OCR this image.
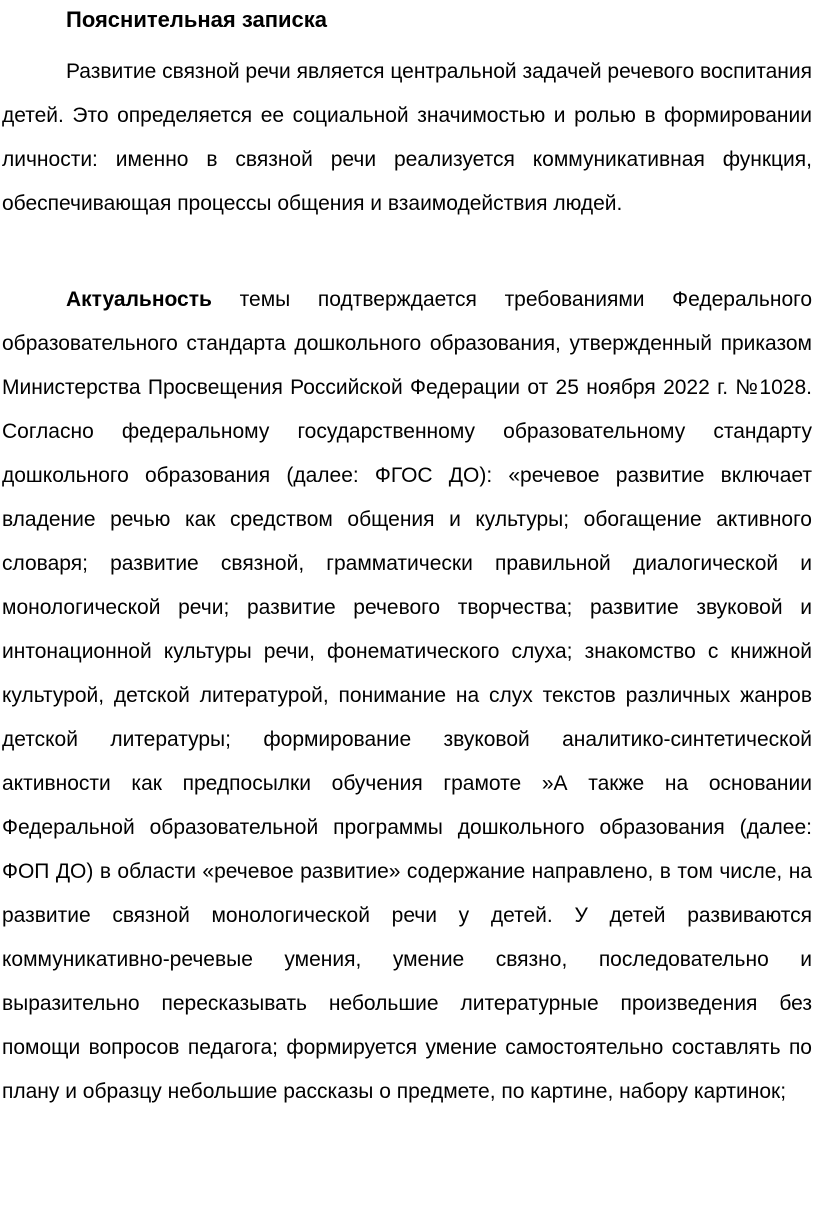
Пояснительная записка

Развитие связной речи является центральной задачей речевого воспитания детей. Это определяется ее социальной значимостью и ролью в формировании личности: именно в связной речи реализуется коммуникативная функция, обеспечивающая процессы общения и взаимодействия людей.

Актуальность темы подтверждается требованиями Федерального образовательного стандарта дошкольного образования, утвержденный приказом Министерства Просвещения Российской Федерации от 25 ноября 2022 г. №1028. Согласно федеральному государственному образовательному стандарту дошкольного образования (далее: ФГОС ДО): «речевое развитие включает владение речью как средством общения и культуры; обогащение активного словаря; развитие связной, грамматически правильной диалогической и монологической речи; развитие речевого творчества; развитие звуковой и интонационной культуры речи, фонематического слуха; знакомство с книжной культурой, детской литературой, понимание на слух текстов различных жанров детской литературы; формирование звуковой аналитико-синтетической активности как предпосылки обучения грамоте »А также на основании Федеральной образовательной программы дошкольного образования (далее: ФОП ДО) в области «речевое развитие» содержание направлено, в том числе, на развитие связной монологической речи у детей. У детей развиваются коммуникативно-речевые умения, умение связно, последовательно и выразительно пересказывать небольшие литературные произведения без помощи вопросов педагога; формируется умение самостоятельно составлять по плану и образцу небольшие рассказы о предмете, по картине, набору картинок;
